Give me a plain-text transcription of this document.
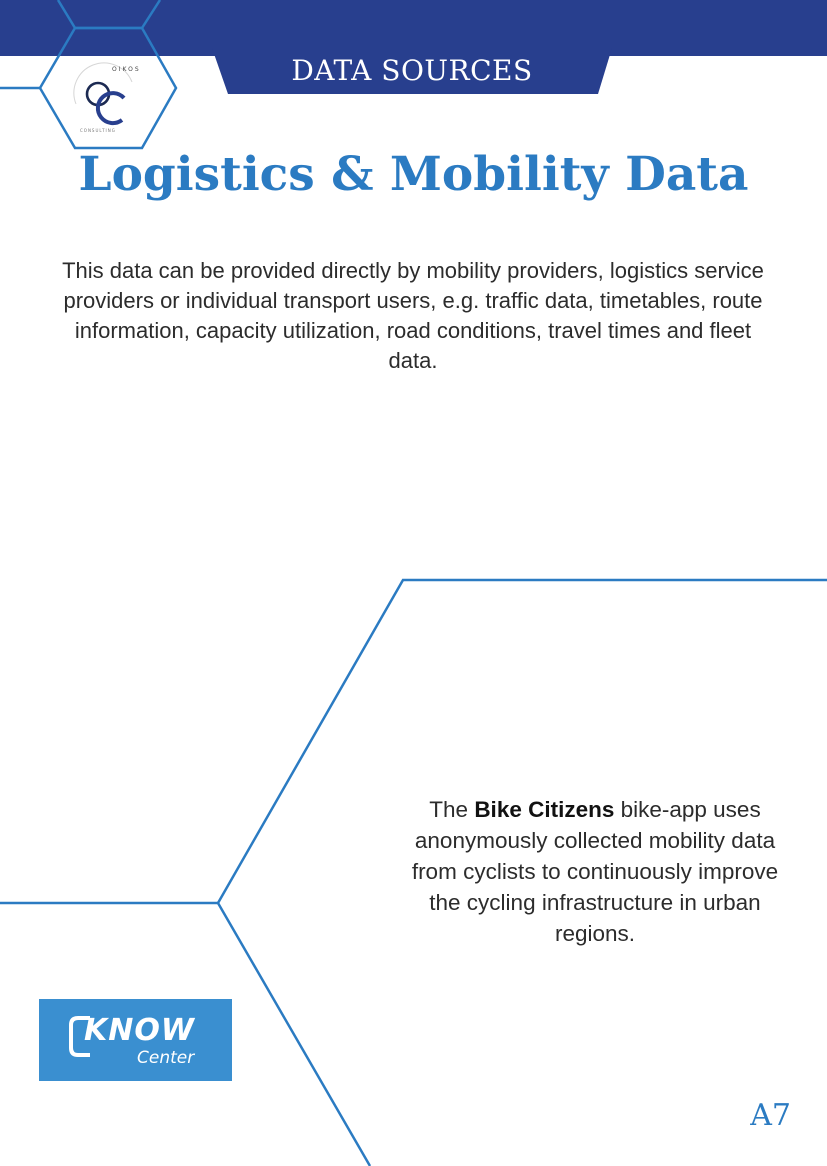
DATA SOURCES
OIKOS
CONSULTING
Logistics & Mobility Data

This data can be provided directly by mobility providers, logistics service providers or individual transport users, e.g. traffic data, timetables, route information, capacity utilization, road conditions, travel times and fleet data.

The Bike Citizens bike-app uses anonymously collected mobility data from cyclists to continuously improve the cycling infrastructure in urban regions.

KNOW
Center
A7
